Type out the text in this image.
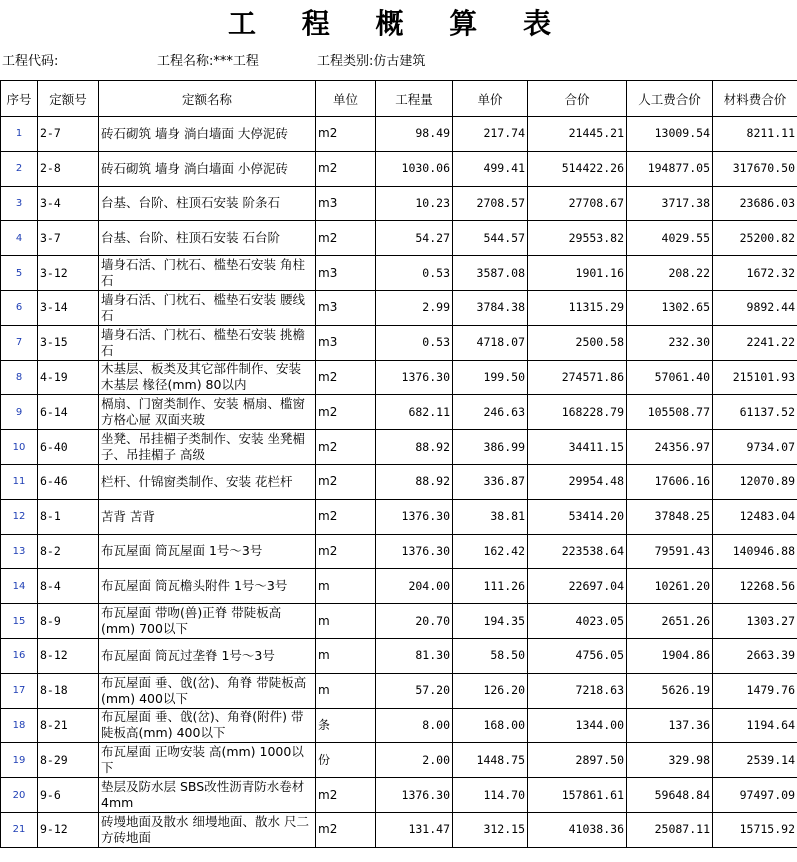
工 程 概 算 表
工程代码:	工程名称:***工程	工程类别:仿古建筑
序号	定额号	定额名称	单位	工程量	单价	合价	人工费合价	材料费合价
1	2-7	砖石砌筑 墙身 淌白墙面 大停泥砖	m2	98.49	217.74	21445.21	13009.54	8211.11
2	2-8	砖石砌筑 墙身 淌白墙面 小停泥砖	m2	1030.06	499.41	514422.26	194877.05	317670.50
3	3-4	台基、台阶、柱顶石安装 阶条石	m3	10.23	2708.57	27708.67	3717.38	23686.03
4	3-7	台基、台阶、柱顶石安装 石台阶	m2	54.27	544.57	29553.82	4029.55	25200.82
5	3-12	墙身石活、门枕石、槛垫石安装 角柱石	m3	0.53	3587.08	1901.16	208.22	1672.32
6	3-14	墙身石活、门枕石、槛垫石安装 腰线石	m3	2.99	3784.38	11315.29	1302.65	9892.44
7	3-15	墙身石活、门枕石、槛垫石安装 挑檐石	m3	0.53	4718.07	2500.58	232.30	2241.22
8	4-19	木基层、板类及其它部件制作、安装 木基层 椽径(mm) 80以内	m2	1376.30	199.50	274571.86	57061.40	215101.93
9	6-14	槅扇、门窗类制作、安装 槅扇、槛窗方格心屉 双面夹玻	m2	682.11	246.63	168228.79	105508.77	61137.52
10	6-40	坐凳、吊挂楣子类制作、安装 坐凳楣子、吊挂楣子 高级	m2	88.92	386.99	34411.15	24356.97	9734.07
11	6-46	栏杆、什锦窗类制作、安装 花栏杆	m2	88.92	336.87	29954.48	17606.16	12070.89
12	8-1	苫背 苫背	m2	1376.30	38.81	53414.20	37848.25	12483.04
13	8-2	布瓦屋面 筒瓦屋面 1号～3号	m2	1376.30	162.42	223538.64	79591.43	140946.88
14	8-4	布瓦屋面 筒瓦檐头附件 1号～3号	m	204.00	111.26	22697.04	10261.20	12268.56
15	8-9	布瓦屋面 带吻(兽)正脊 带陡板高(mm) 700以下	m	20.70	194.35	4023.05	2651.26	1303.27
16	8-12	布瓦屋面 筒瓦过垄脊 1号～3号	m	81.30	58.50	4756.05	1904.86	2663.39
17	8-18	布瓦屋面 垂、戗(岔)、角脊 带陡板高(mm) 400以下	m	57.20	126.20	7218.63	5626.19	1479.76
18	8-21	布瓦屋面 垂、戗(岔)、角脊(附件) 带陡板高(mm) 400以下	条	8.00	168.00	1344.00	137.36	1194.64
19	8-29	布瓦屋面 正吻安装 高(mm) 1000以下	份	2.00	1448.75	2897.50	329.98	2539.14
20	9-6	垫层及防水层 SBS改性沥青防水卷材 4mm	m2	1376.30	114.70	157861.61	59648.84	97497.09
21	9-12	砖墁地面及散水 细墁地面、散水 尺二方砖地面	m2	131.47	312.15	41038.36	25087.11	15715.92
